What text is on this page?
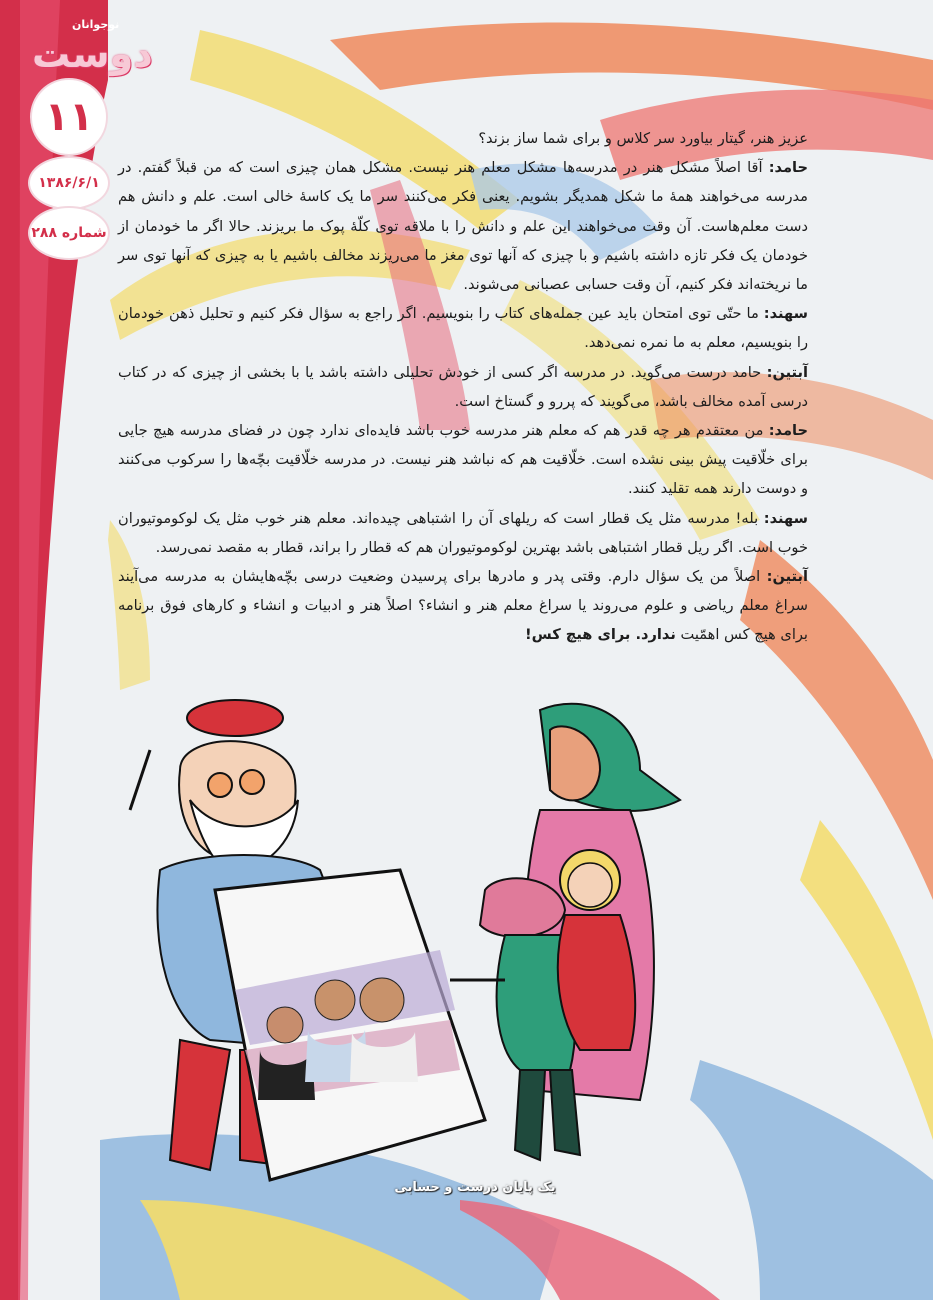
نوجوانان
دوست
۱۱
۱۳۸۶/۶/۱
۲۸۸ شماره

عزیز هنر، گیتار بیاورد سر کلاس و برای شما ساز بزند؟

حامد: آقا اصلاً مشکل هنر در مدرسه‌ها مشکل معلم هنر نیست. مشکل همان چیزی است که من قبلاً گفتم. در مدرسه می‌خواهند همهٔ ما شکل همدیگر بشویم. یعنی فکر می‌کنند سر ما یک کاسهٔ خالی است. علم و دانش هم دست معلم‌هاست. آن وقت می‌خواهند این علم و دانش را با ملاقه توی کلّهٔ پوک ما بریزند. حالا اگر ما خودمان از خودمان یک فکر تازه داشته باشیم و با چیزی که آنها توی مغز ما می‌ریزند مخالف باشیم یا به چیزی که آنها توی سر ما نریخته‌اند فکر کنیم، آن وقت حسابی عصبانی می‌شوند.

سهند: ما حتّی توی امتحان باید عین جمله‌های کتاب را بنویسیم. اگر راجع به سؤال فکر کنیم و تحلیل ذهن خودمان را بنویسیم، معلم به ما نمره نمی‌دهد.

آبتین: حامد درست می‌گوید. در مدرسه اگر کسی از خودش تحلیلی داشته باشد یا با بخشی از چیزی که در کتاب درسی آمده مخالف باشد، می‌گویند که پررو و گستاخ است.

حامد: من معتقدم هر چه قدر هم که معلم هنر مدرسه خوب باشد فایده‌ای ندارد چون در فضای مدرسه هیچ جایی برای خلّاقیت پیش بینی نشده است. خلّاقیت هم که نباشد هنر نیست. در مدرسه خلّاقیت بچّه‌ها را سرکوب می‌کنند و دوست دارند همه تقلید کنند.

سهند: بله! مدرسه مثل یک قطار است که ریلهای آن را اشتباهی چیده‌اند. معلم هنر خوب مثل یک لوکوموتیوران خوب است. اگر ریل قطار اشتباهی باشد بهترین لوکوموتیوران هم که قطار را براند، قطار به مقصد نمی‌رسد.

آبتین: اصلاً من یک سؤال دارم. وقتی پدر و مادرها برای پرسیدن وضعیت درسی بچّه‌هایشان به مدرسه می‌آیند سراغ معلم ریاضی و علوم می‌روند یا سراغ معلم هنر و انشاء؟ اصلاً هنر و ادبیات و انشاء و کارهای فوق برنامه برای هیچ کس اهمّیت ندارد. برای هیچ کس!

یک پایان درست و حسابی
